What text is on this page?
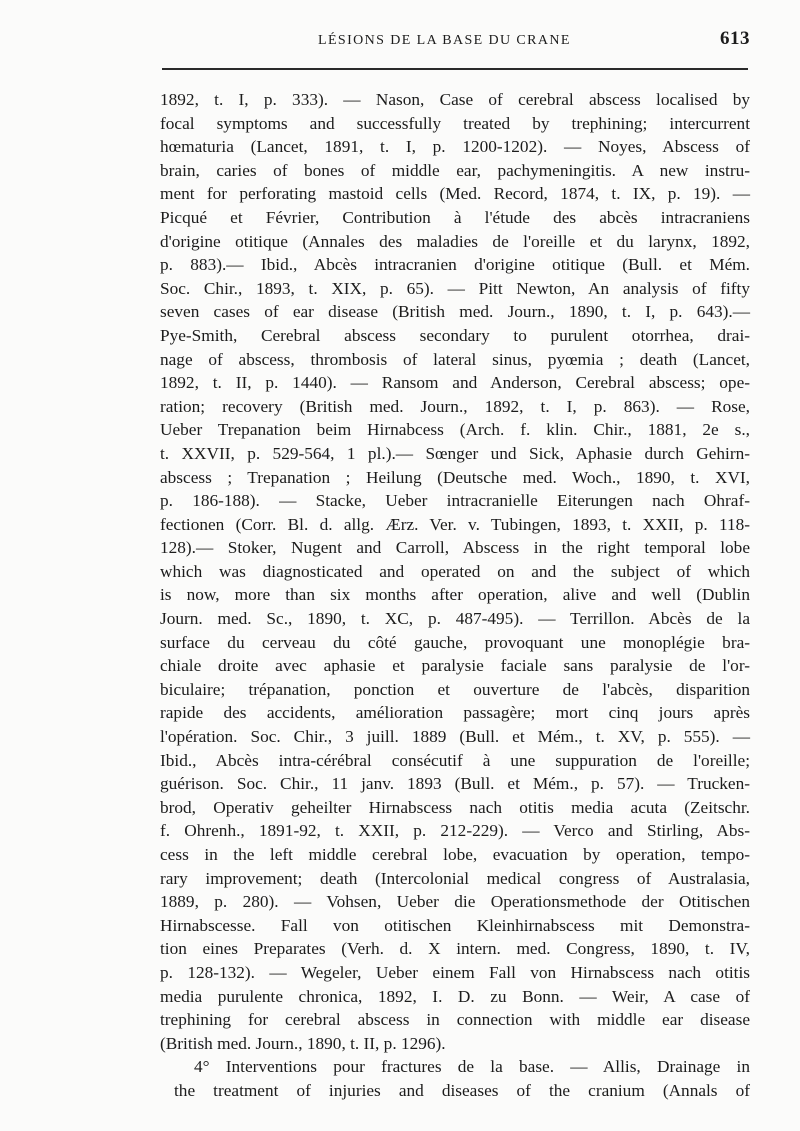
LÉSIONS DE LA BASE DU CRANE	613
1892, t. I, p. 333). — Nason, Case of cerebral abscess localised by
focal symptoms and successfully treated by trephining; intercurrent
hœmaturia (Lancet, 1891, t. I, p. 1200-1202). — Noyes, Abscess of
brain, caries of bones of middle ear, pachymeningitis. A new instru-
ment for perforating mastoid cells (Med. Record, 1874, t. IX, p. 19). —
Picqué et Février, Contribution à l'étude des abcès intracraniens
d'origine otitique (Annales des maladies de l'oreille et du larynx, 1892,
p. 883).— Ibid., Abcès intracranien d'origine otitique (Bull. et Mém.
Soc. Chir., 1893, t. XIX, p. 65). — Pitt Newton, An analysis of fifty
seven cases of ear disease (British med. Journ., 1890, t. I, p. 643).—
Pye-Smith, Cerebral abscess secondary to purulent otorrhea, drai-
nage of abscess, thrombosis of lateral sinus, pyœmia ; death (Lancet,
1892, t. II, p. 1440). — Ransom and Anderson, Cerebral abscess; ope-
ration; recovery (British med. Journ., 1892, t. I, p. 863). — Rose,
Ueber Trepanation beim Hirnabcess (Arch. f. klin. Chir., 1881, 2e s.,
t. XXVII, p. 529-564, 1 pl.).— Sœnger und Sick, Aphasie durch Gehirn-
abscess ; Trepanation ; Heilung (Deutsche med. Woch., 1890, t. XVI,
p. 186-188). — Stacke, Ueber intracranielle Eiterungen nach Ohraf-
fectionen (Corr. Bl. d. allg. Ærz. Ver. v. Tubingen, 1893, t. XXII, p. 118-
128).— Stoker, Nugent and Carroll, Abscess in the right temporal lobe
which was diagnosticated and operated on and the subject of which
is now, more than six months after operation, alive and well (Dublin
Journ. med. Sc., 1890, t. XC, p. 487-495). — Terrillon. Abcès de la
surface du cerveau du côté gauche, provoquant une monoplégie bra-
chiale droite avec aphasie et paralysie faciale sans paralysie de l'or-
biculaire; trépanation, ponction et ouverture de l'abcès, disparition
rapide des accidents, amélioration passagère; mort cinq jours après
l'opération. Soc. Chir., 3 juill. 1889 (Bull. et Mém., t. XV, p. 555). —
Ibid., Abcès intra-cérébral consécutif à une suppuration de l'oreille;
guérison. Soc. Chir., 11 janv. 1893 (Bull. et Mém., p. 57). — Trucken-
brod, Operativ geheilter Hirnabscess nach otitis media acuta (Zeitschr.
f. Ohrenh., 1891-92, t. XXII, p. 212-229). — Verco and Stirling, Abs-
cess in the left middle cerebral lobe, evacuation by operation, tempo-
rary improvement; death (Intercolonial medical congress of Australasia,
1889, p. 280). — Vohsen, Ueber die Operationsmethode der Otitischen
Hirnabscesse. Fall von otitischen Kleinhirnabscess mit Demonstra-
tion eines Preparates (Verh. d. X intern. med. Congress, 1890, t. IV,
p. 128-132). — Wegeler, Ueber einem Fall von Hirnabscess nach otitis
media purulente chronica, 1892, I. D. zu Bonn. — Weir, A case of
trephining for cerebral abscess in connection with middle ear disease
(British med. Journ., 1890, t. II, p. 1296).
4° Interventions pour fractures de la base. — Allis, Drainage in
the treatment of injuries and diseases of the cranium (Annals of
